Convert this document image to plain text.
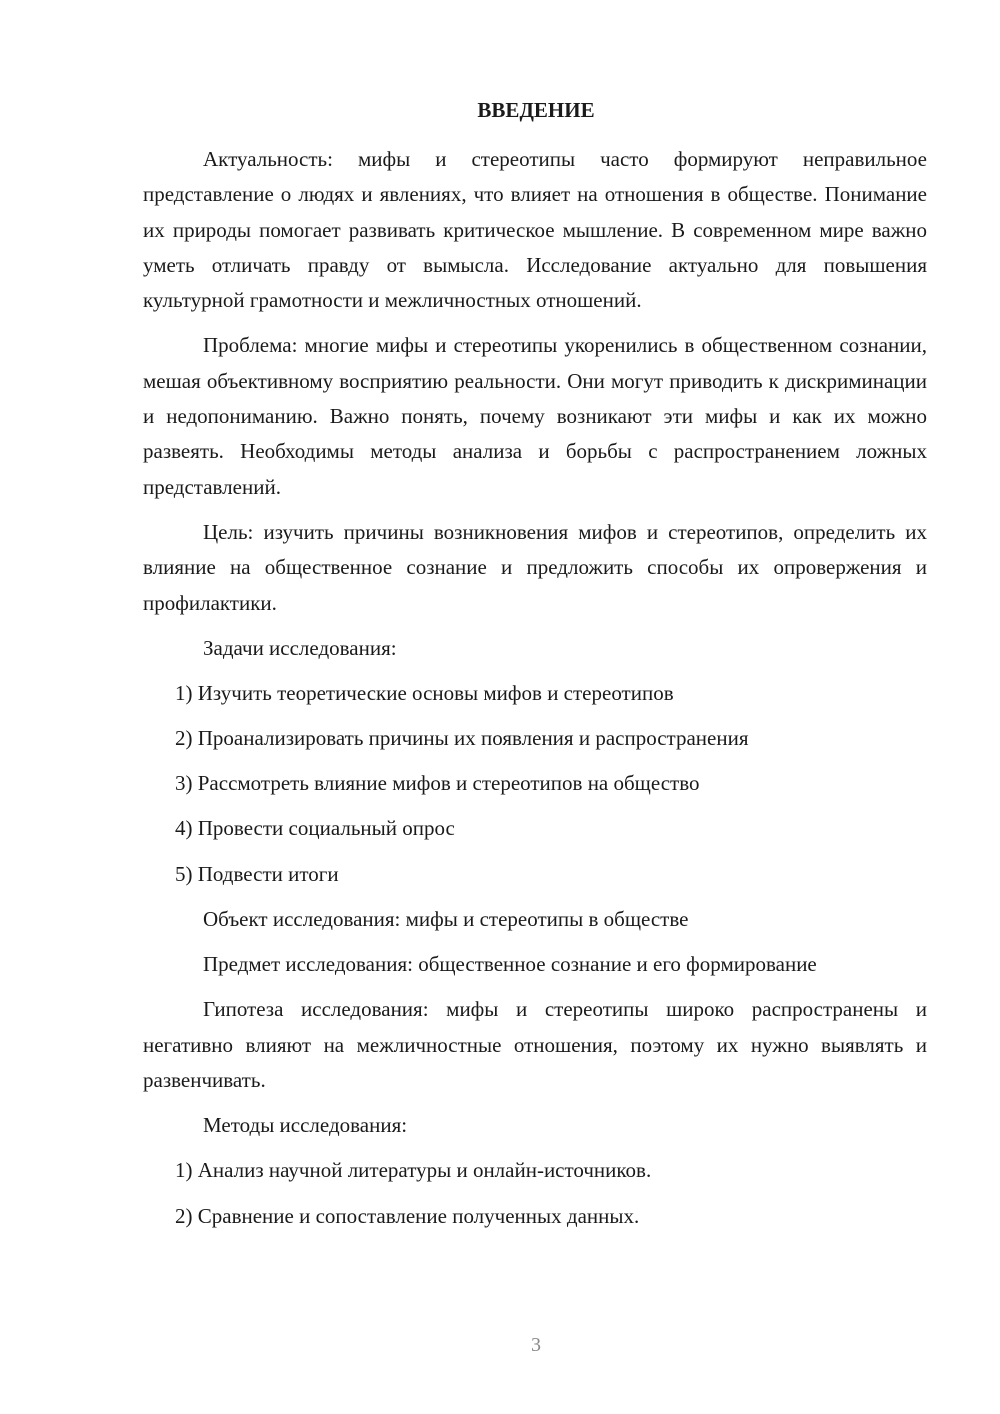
ВВЕДЕНИЕ

Актуальность: мифы и стереотипы часто формируют неправильное представление о людях и явлениях, что влияет на отношения в обществе. Понимание их природы помогает развивать критическое мышление. В современном мире важно уметь отличать правду от вымысла. Исследование актуально для повышения культурной грамотности и межличностных отношений.

Проблема: многие мифы и стереотипы укоренились в общественном сознании, мешая объективному восприятию реальности. Они могут приводить к дискриминации и недопониманию. Важно понять, почему возникают эти мифы и как их можно развеять. Необходимы методы анализа и борьбы с распространением ложных представлений.

Цель: изучить причины возникновения мифов и стереотипов, определить их влияние на общественное сознание и предложить способы их опровержения и профилактики.

Задачи исследования:

1) Изучить теоретические основы мифов и стереотипов
2) Проанализировать причины их появления и распространения
3) Рассмотреть влияние мифов и стереотипов на общество
4) Провести социальный опрос
5) Подвести итоги

Объект исследования: мифы и стереотипы в обществе

Предмет исследования: общественное сознание и его формирование

Гипотеза исследования: мифы и стереотипы широко распространены и негативно влияют на межличностные отношения, поэтому их нужно выявлять и развенчивать.

Методы исследования:

1) Анализ научной литературы и онлайн-источников.
2) Сравнение и сопоставление полученных данных.
3
